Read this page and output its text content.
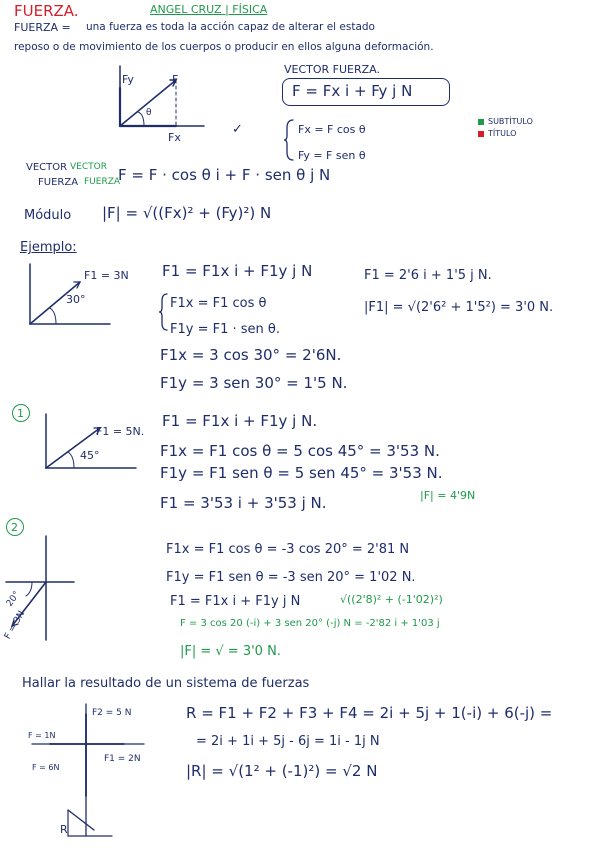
FUERZA.	ANGEL CRUZ | FÍSICA
FUERZA = una fuerza es toda la acción capaz de alterar el estado
reposo o de movimiento de los cuerpos o producir en ellos alguna deformación.
SUBTÍTULO
TÍTULO
Fy	F
θ
Fx
VECTOR FUERZA.
F = Fx i + Fy j N
✓	Fx = F cos θ
Fy = F sen θ
VECTOR VECTOR
FUERZA FUERZA
F = F · cos θ i + F · sen θ j N
Módulo |F| = √((Fx)² + (Fy)²) N
Ejemplo:
F1 = 3N
30°
F1 = F1x i + F1y j N
F1x = F1 cos θ
F1y = F1 · sen θ.
F1x = 3 cos 30° = 2'6N.
F1y = 3 sen 30° = 1'5 N.
F1 = 2'6 i + 1'5 j N.
|F1| = √(2'6² + 1'5²) = 3'0 N.
1
F1 = 5N.
45°
F1 = F1x i + F1y j N.
F1x = F1 cos θ = 5 cos 45° = 3'53 N.
F1y = F1 sen θ = 5 sen 45° = 3'53 N.
F1 = 3'53 i + 3'53 j N.	|F| = 4'9N
2
20°
F = 3N
F1x = F1 cos θ = -3 cos 20° = 2'81 N
F1y = F1 sen θ = -3 sen 20° = 1'02 N.
F1 = F1x i + F1y j N	√((2'8)² + (-1'02)²)
F = 3 cos 20 (-i) + 3 sen 20° (-j) N = -2'82 i + 1'03 j
|F| = √ = 3'0 N.
Hallar la resultado de un sistema de fuerzas
F2 = 5 N
F = 1N
F1 = 2N
F = 6N
R
R = F1 + F2 + F3 + F4 = 2i + 5j + 1(-i) + 6(-j) =
= 2i + 1i + 5j - 6j = 1i - 1j N
|R| = √(1² + (-1)²) = √2 N
